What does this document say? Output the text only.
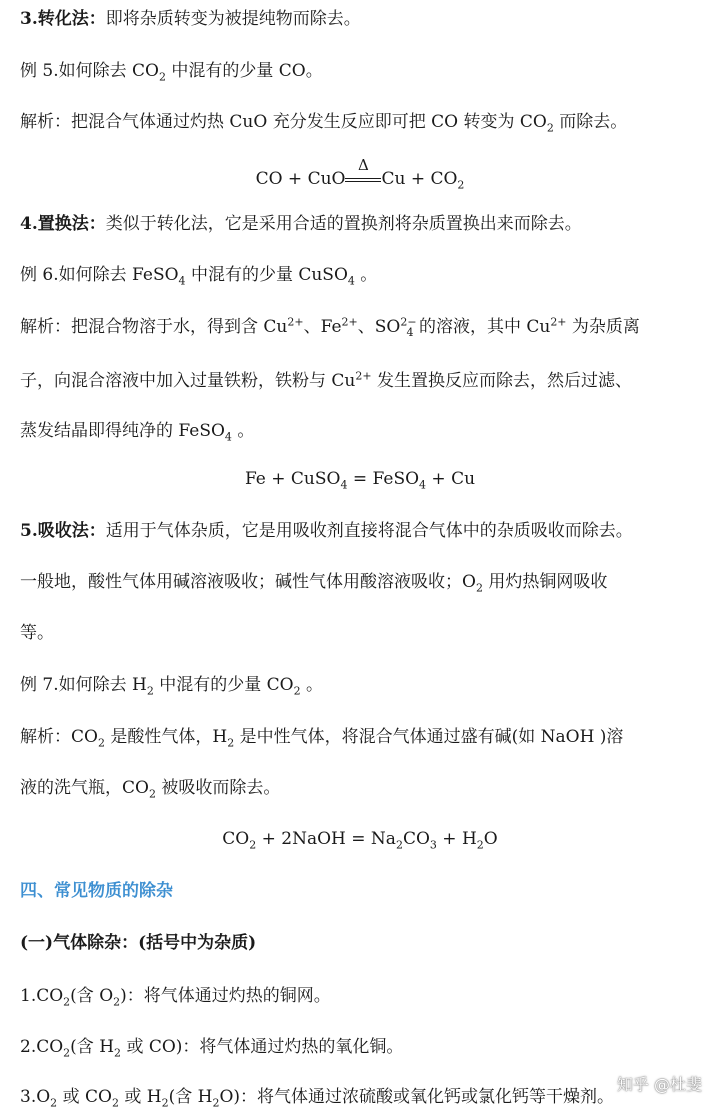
3.转化法：即将杂质转变为被提纯物而除去。
例 5.如何除去 $CO_2$ 中混有的少量 CO。
解析：把混合气体通过灼热 CuO 充分发生反应即可把 CO 转变为 $CO_2$ 而除去。
CO + CuO
Δ
$Cu + CO_2$
4.置换法：类似于转化法，它是采用合适的置换剂将杂质置换出来而除去。
例 6.如何除去 FeSO$_4$ 中混有的少量 CuSO$_4$ 。
解析：把混合物溶于水，得到含 $Cu^{2+}$、$Fe^{2+}$、$SO^{2-}_4$ 的溶液，其中 $Cu^{2+}$ 为杂质离
子，向混合溶液中加入过量铁粉，铁粉与 $Cu^{2+}$ 发生置换反应而除去，然后过滤、
蒸发结晶即得纯净的 FeSO$_4$ 。
Fe + CuSO$_4$ = FeSO$_4$ + Cu
5.吸收法：适用于气体杂质，它是用吸收剂直接将混合气体中的杂质吸收而除去。
一般地，酸性气体用碱溶液吸收；碱性气体用酸溶液吸收；$O_2$ 用灼热铜网吸收
等。
例 7.如何除去 $H_2$ 中混有的少量 $CO_2$ 。
解析：$CO_2$ 是酸性气体，$H_2$ 是中性气体，将混合气体通过盛有碱(如 NaOH )溶
液的洗气瓶，$CO_2$ 被吸收而除去。
$CO_2$ + 2NaOH = $Na_2CO_3 + H_2O$
四、常见物质的除杂
(一)气体除杂：(括号中为杂质)
$1.CO_2$(含 $O_2$)：将气体通过灼热的铜网。
$2.CO_2$(含 $H_2$ 或 CO)：将气体通过灼热的氧化铜。
$3.O_2$ 或 $CO_2$ 或 $H_2$(含 $H_2O$)：将气体通过浓硫酸或氧化钙或氯化钙等干燥剂。
知乎 @杜斐
